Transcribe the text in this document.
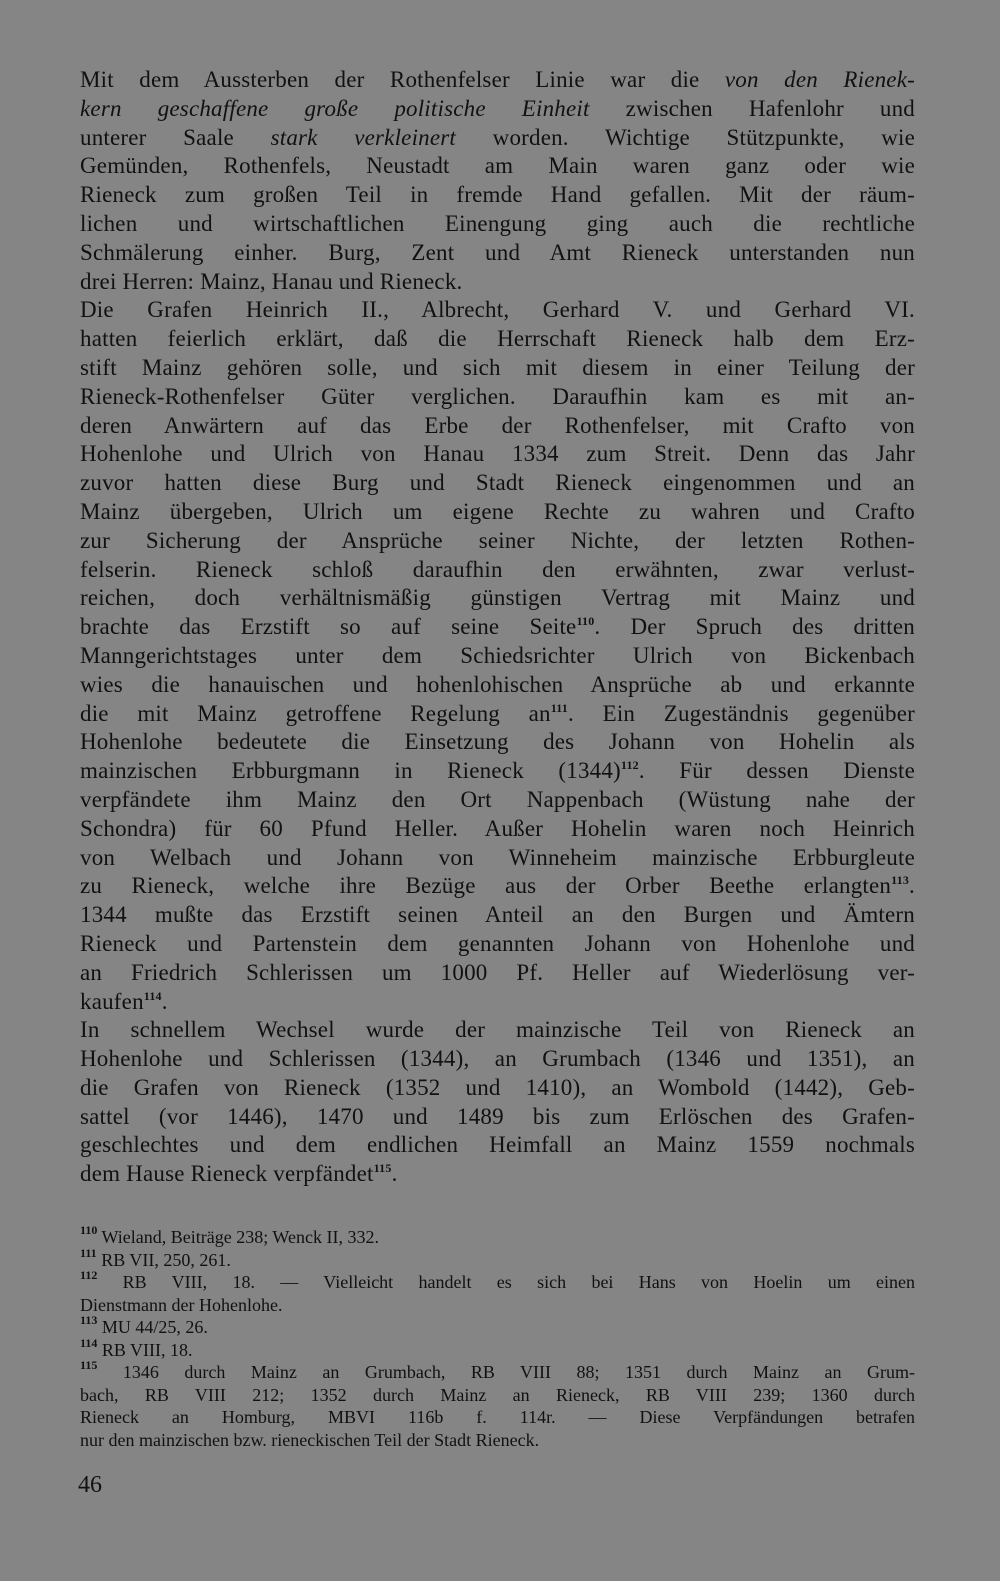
Mit dem Aussterben der Rothenfelser Linie war die von den Rienek-
kern geschaffene große politische Einheit zwischen Hafenlohr und
unterer Saale stark verkleinert worden. Wichtige Stützpunkte, wie
Gemünden, Rothenfels, Neustadt am Main waren ganz oder wie
Rieneck zum großen Teil in fremde Hand gefallen. Mit der räum-
lichen und wirtschaftlichen Einengung ging auch die rechtliche
Schmälerung einher. Burg, Zent und Amt Rieneck unterstanden nun
drei Herren: Mainz, Hanau und Rieneck.
Die Grafen Heinrich II., Albrecht, Gerhard V. und Gerhard VI.
hatten feierlich erklärt, daß die Herrschaft Rieneck halb dem Erz-
stift Mainz gehören solle, und sich mit diesem in einer Teilung der
Rieneck-Rothenfelser Güter verglichen. Daraufhin kam es mit an-
deren Anwärtern auf das Erbe der Rothenfelser, mit Crafto von
Hohenlohe und Ulrich von Hanau 1334 zum Streit. Denn das Jahr
zuvor hatten diese Burg und Stadt Rieneck eingenommen und an
Mainz übergeben, Ulrich um eigene Rechte zu wahren und Crafto
zur Sicherung der Ansprüche seiner Nichte, der letzten Rothen-
felserin. Rieneck schloß daraufhin den erwähnten, zwar verlust-
reichen, doch verhältnismäßig günstigen Vertrag mit Mainz und
brachte das Erzstift so auf seine Seite$^{110}$. Der Spruch des dritten
Manngerichtstages unter dem Schiedsrichter Ulrich von Bickenbach
wies die hanauischen und hohenlohischen Ansprüche ab und erkannte
die mit Mainz getroffene Regelung $an^{111}$. Ein Zugeständnis gegenüber
Hohenlohe bedeutete die Einsetzung des Johann von Hohelin als
mainzischen Erbburgmann in Rieneck $(1344)^{112}$. Für dessen Dienste
verpfändete ihm Mainz den Ort Nappenbach (Wüstung nahe der
Schondra) für 60 Pfund Heller. Außer Hohelin waren noch Heinrich
von Welbach und Johann von Winneheim mainzische Erbburgleute
zu Rieneck, welche ihre Bezüge aus der Orber Beethe erlangten$^{113}$.
1344 mußte das Erzstift seinen Anteil an den Burgen und Ämtern
Rieneck und Partenstein dem genannten Johann von Hohenlohe und
an Friedrich Schlerissen um 1000 Pf. Heller auf Wiederlösung ver-
kaufen$^{114}$.
In schnellem Wechsel wurde der mainzische Teil von Rieneck an
Hohenlohe und Schlerissen (1344), an Grumbach (1346 und 1351), an
die Grafen von Rieneck (1352 und 1410), an Wombold (1442), Geb-
sattel (vor 1446), 1470 und 1489 bis zum Erlöschen des Grafen-
geschlechtes und dem endlichen Heimfall an Mainz 1559 nochmals
dem Hause Rieneck verpfändet$^{115}$.
$^{110}$ Wieland, Beiträge 238; Wenck II, 332.
$^{111}$ RB VII, 250, 261.
$^{112}$ RB VIII, 18. — Vielleicht handelt es sich bei Hans von Hoelin um einen
Dienstmann der Hohenlohe.
$^{113}$ MU 44/25, 26.
$^{114}$ RB VIII, 18.
$^{115}$ 1346 durch Mainz an Grumbach, RB VIII 88; 1351 durch Mainz an Grum-
bach, RB VIII 212; 1352 durch Mainz an Rieneck, RB VIII 239; 1360 durch
Rieneck an Homburg, MBVI 116b f. 114r. — Diese Verpfändungen betrafen
nur den mainzischen bzw. rieneckischen Teil der Stadt Rieneck.
46
